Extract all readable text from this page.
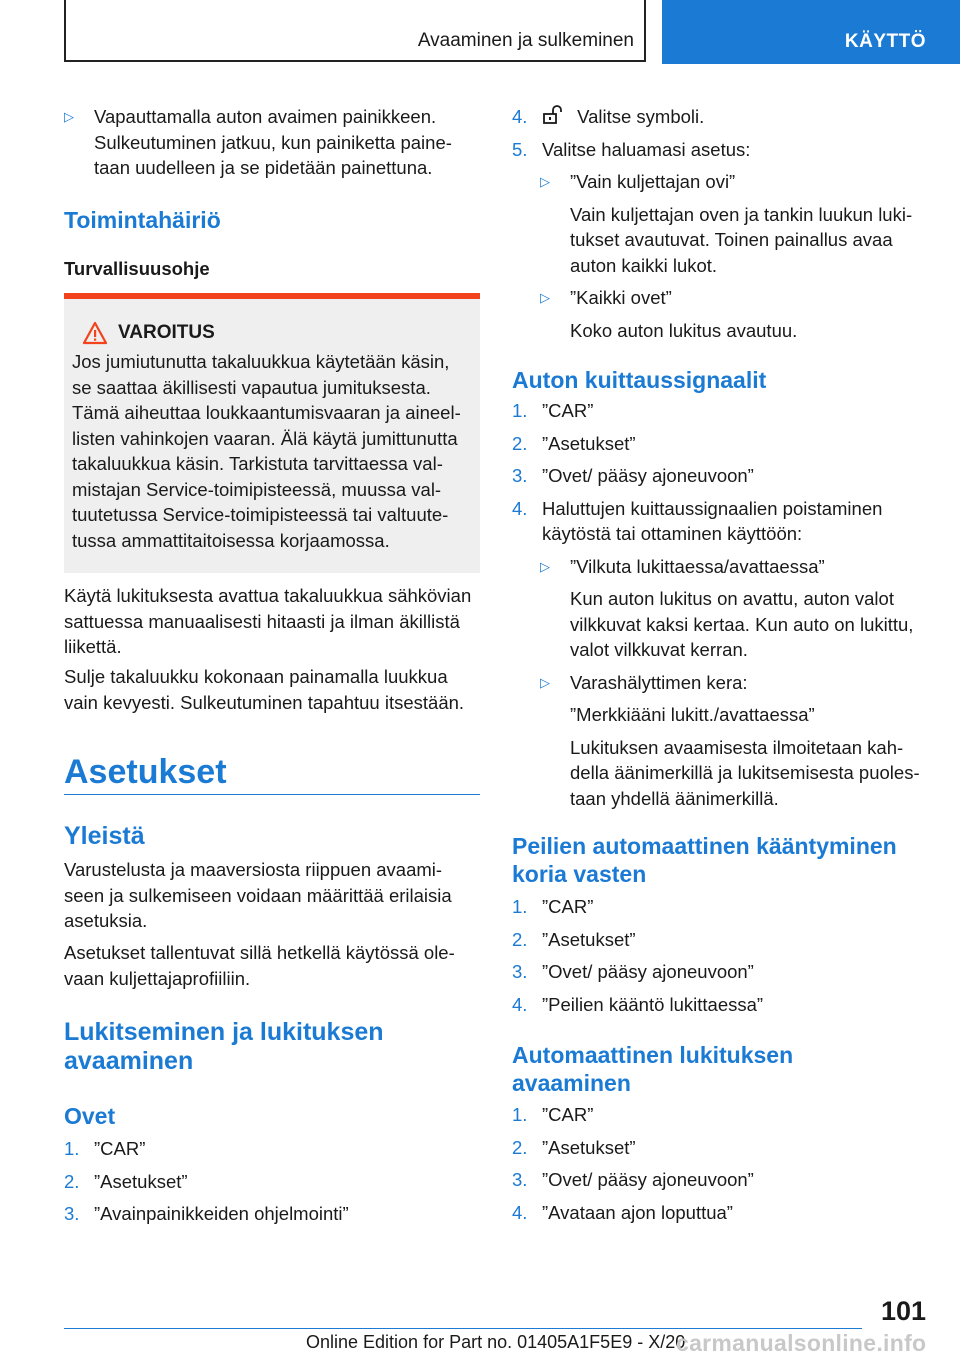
Avaaminen ja sulkeminen	KÄYTTÖ
▷ Vapauttamalla auton avaimen painikkeen.
Sulkeutuminen jatkuu, kun painiketta paine-
taan uudelleen ja se pidetään painettuna.
Toimintahäiriö
Turvallisuusohje
VAROITUS

Jos jumiutunutta takaluukkua käytetään käsin,

se saattaa äkillisesti vapautua jumituksesta.

Tämä aiheuttaa loukkaantumisvaaran ja aineel-

listen vahinkojen vaaran. Älä käytä jumittunutta

takaluukkua käsin. Tarkistuta tarvittaessa val-

mistajan Service-toimipisteessä, muussa val-

tuutetussa Service-toimipisteessä tai valtuute-

tussa ammattitaitoisessa korjaamossa.

Käytä lukituksesta avattua takaluukkua sähkövian

sattuessa manuaalisesti hitaasti ja ilman äkillistä

liikettä.

Sulje takaluukku kokonaan painamalla luukkua

vain kevyesti. Sulkeutuminen tapahtuu itsestään.

Asetukset
Yleistä

Varustelusta ja maaversiosta riippuen avaami-

seen ja sulkemiseen voidaan määrittää erilaisia

asetuksia.

Asetukset tallentuvat sillä hetkellä käytössä ole-

vaan kuljettajaprofiiliin.

Lukitseminen ja lukituksen
avaaminen
Ovet
1. ”CAR”
2. ”Asetukset”
3. ”Avainpainikkeiden ohjelmointi”
4.	Valitse symboli.
5. Valitse haluamasi asetus:
▷ ”Vain kuljettajan ovi”

Vain kuljettajan oven ja tankin luukun luki-

tukset avautuvat. Toinen painallus avaa

auton kaikki lukot.

▷ ”Kaikki ovet”

Koko auton lukitus avautuu.

Auton kuittaussignaalit
1. ”CAR”
2. ”Asetukset”
3. ”Ovet/ pääsy ajoneuvoon”
4. Haluttujen kuittaussignaalien poistaminen
käytöstä tai ottaminen käyttöön:
▷ ”Vilkuta lukittaessa/avattaessa”

Kun auton lukitus on avattu, auton valot

vilkkuvat kaksi kertaa. Kun auto on lukittu,

valot vilkkuvat kerran.

▷ Varashälyttimen kera:

”Merkkiääni lukitt./avattaessa”

Lukituksen avaamisesta ilmoitetaan kah-

della äänimerkillä ja lukitsemisesta puoles-

taan yhdellä äänimerkillä.

Peilien automaattinen kääntyminen
koria vasten
1. ”CAR”
2. ”Asetukset”
3. ”Ovet/ pääsy ajoneuvoon”
4. ”Peilien kääntö lukittaessa”
Automaattinen lukituksen
avaaminen
1. ”CAR”
2. ”Asetukset”
3. ”Ovet/ pääsy ajoneuvoon”
4. ”Avataan ajon loputtua”
101
Online Edition for Part no. 01405A1F5E9 - X/20
carmanualsonline.info
